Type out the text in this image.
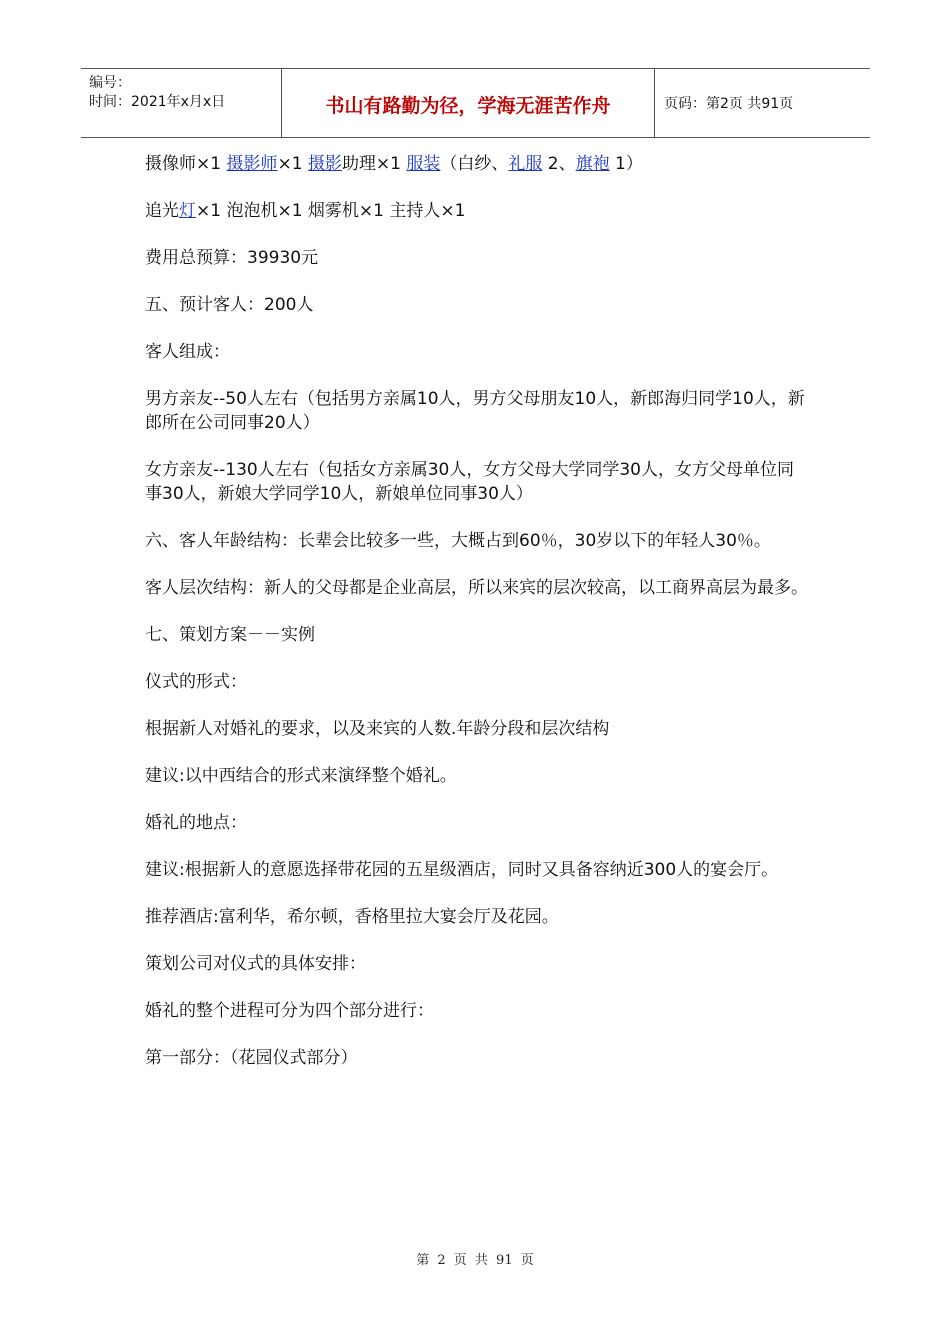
编号：
时间：2021年x月x日	书山有路勤为径，学海无涯苦作舟	页码：第2页 共91页

摄像师×1 摄影师×1 摄影助理×1 服装（白纱、礼服 2、旗袍 1）

追光灯×1 泡泡机×1 烟雾机×1 主持人×1

费用总预算：39930元

五、预计客人：200人

客人组成：

男方亲友--50人左右（包括男方亲属10人，男方父母朋友10人，新郎海归同学10人，新郎所在公司同事20人）

女方亲友--130人左右（包括女方亲属30人，女方父母大学同学30人，女方父母单位同事30人，新娘大学同学10人，新娘单位同事30人）

六、客人年龄结构：长辈会比较多一些，大概占到60％，30岁以下的年轻人30％。

客人层次结构：新人的父母都是企业高层，所以来宾的层次较高，以工商界高层为最多。

七、策划方案－－实例

仪式的形式：

根据新人对婚礼的要求，以及来宾的人数.年龄分段和层次结构

建议:以中西结合的形式来演绎整个婚礼。

婚礼的地点：

建议:根据新人的意愿选择带花园的五星级酒店，同时又具备容纳近300人的宴会厅。

推荐酒店:富利华，希尔顿，香格里拉大宴会厅及花园。

策划公司对仪式的具体安排：

婚礼的整个进程可分为四个部分进行：

第一部分：（花园仪式部分）

第 2 页 共 91 页
